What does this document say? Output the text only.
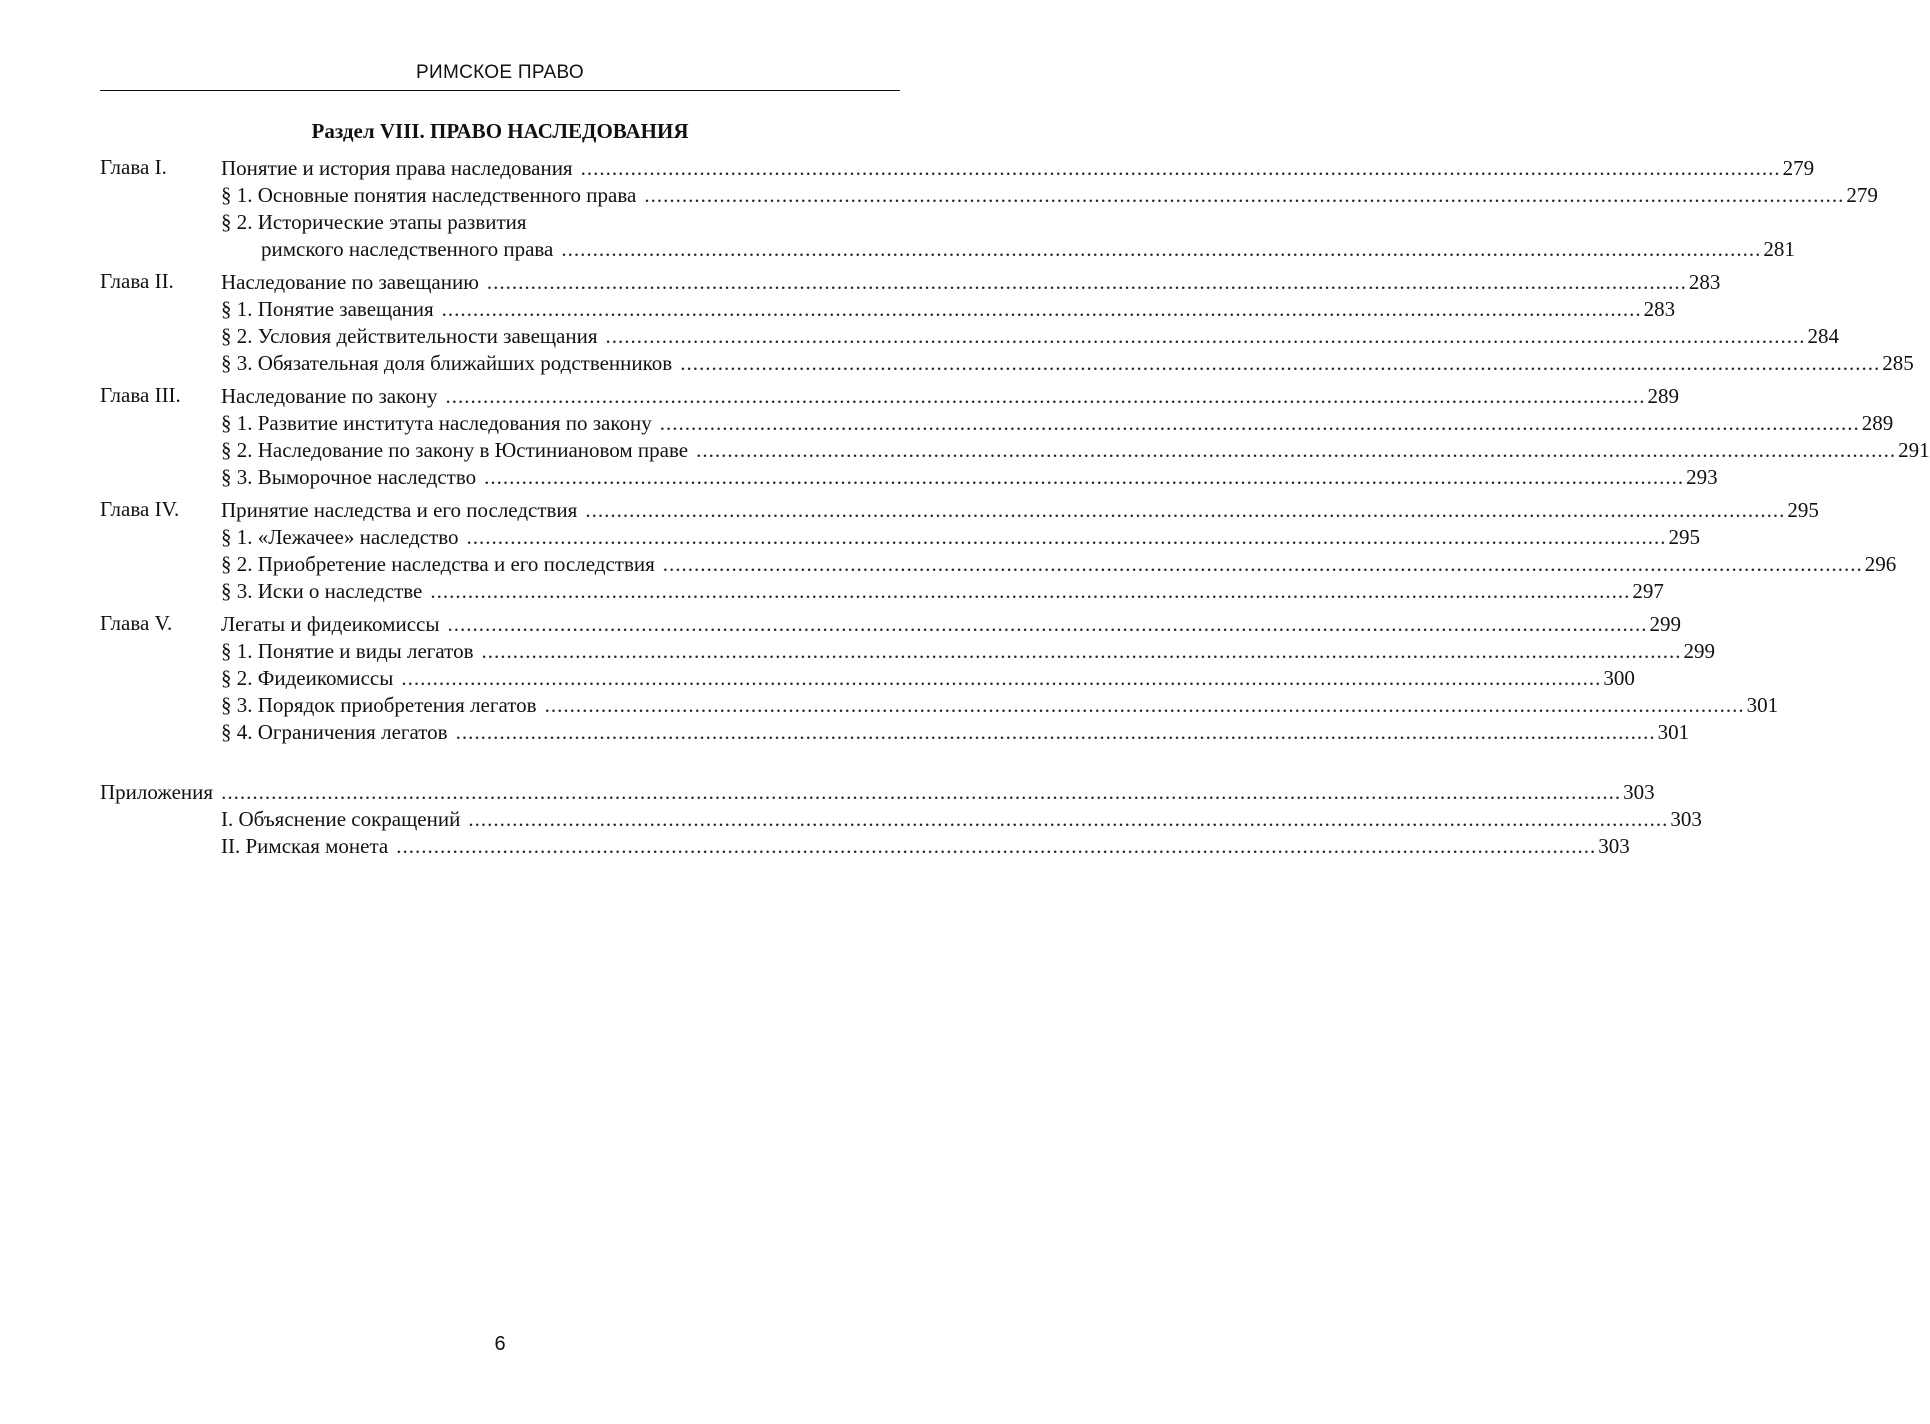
РИМСКОЕ ПРАВО
Раздел VIII. ПРАВО НАСЛЕДОВАНИЯ
Глава I.	Понятие и история права наследования ................................................................................................................................................................................................ 279
§ 1. Основные понятия наследственного права ................................................................................................................................................................................................ 279
§ 2. Исторические этапы развития
римского наследственного права ................................................................................................................................................................................................ 281
Глава II. Наследование по завещанию ................................................................................................................................................................................................ 283
§ 1. Понятие завещания ................................................................................................................................................................................................ 283
§ 2. Условия действительности завещания ................................................................................................................................................................................................ 284
§ 3. Обязательная доля ближайших родственников ................................................................................................................................................................................................ 285
Глава III. Наследование по закону ................................................................................................................................................................................................ 289
§ 1. Развитие института наследования по закону ................................................................................................................................................................................................ 289
§ 2. Наследование по закону в Юстиниановом праве ................................................................................................................................................................................................ 291
§ 3. Выморочное наследство ................................................................................................................................................................................................ 293
Глава IV. Принятие наследства и его последствия ................................................................................................................................................................................................ 295
§ 1. «Лежачее» наследство ................................................................................................................................................................................................ 295
§ 2. Приобретение наследства и его последствия ................................................................................................................................................................................................ 296
§ 3. Иски о наследстве ................................................................................................................................................................................................ 297
Глава V. Легаты и фидеикомиссы ................................................................................................................................................................................................ 299
§ 1. Понятие и виды легатов ................................................................................................................................................................................................ 299
§ 2. Фидеикомиссы ................................................................................................................................................................................................ 300
§ 3. Порядок приобретения легатов ................................................................................................................................................................................................ 301
§ 4. Ограничения легатов ................................................................................................................................................................................................ 301
Приложения ................................................................................................................................................................................................................................ 303
I. Объяснение сокращений ................................................................................................................................................................................................ 303
II. Римская монета ................................................................................................................................................................................................ 303
6
